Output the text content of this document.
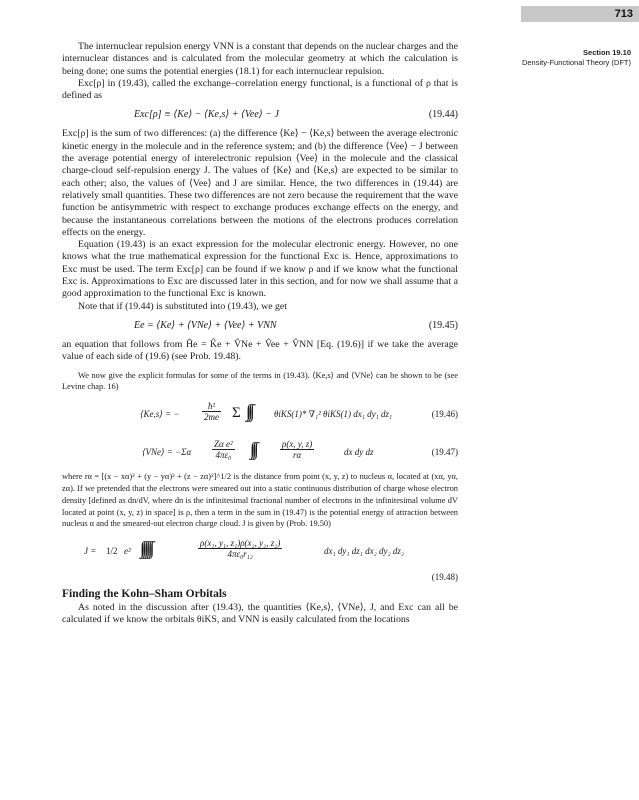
713
Section 19.10
Density-Functional Theory (DFT)

The internuclear repulsion energy VNN is a constant that depends on the nuclear charges and the internuclear distances and is calculated from the molecular geometry at which the calculation is being done; one sums the potential energies (18.1) for each internuclear repulsion.

Exc[ρ] in (19.43), called the exchange–correlation energy functional, is a functional of ρ that is defined as

Exc[ρ] ≡ ⟨Ke⟩ − ⟨Ke,s⟩ + ⟨Vee⟩ − J	(19.44)

Exc[ρ] is the sum of two differences: (a) the difference ⟨Ke⟩ − ⟨Ke,s⟩ between the average electronic kinetic energy in the molecule and in the reference system; and (b) the difference ⟨Vee⟩ − J between the average potential energy of interelectronic repulsion ⟨Vee⟩ in the molecule and the classical charge-cloud self-repulsion energy J. The values of ⟨Ke⟩ and ⟨Ke,s⟩ are expected to be similar to each other; also, the values of ⟨Vee⟩ and J are similar. Hence, the two differences in (19.44) are relatively small quantities. These two differences are not zero because the requirement that the wave function be antisymmetric with respect to exchange produces exchange effects on the energy, and because the instantaneous correlations between the motions of the electrons produces correlation effects on the energy.

Equation (19.43) is an exact expression for the molecular electronic energy. However, no one knows what the true mathematical expression for the functional Exc is. Hence, approximations to Exc must be used. The term Exc[ρ] can be found if we know ρ and if we know what the functional Exc is. Approximations to Exc are discussed later in this section, and for now we shall assume that a good approximation to the functional Exc is known.

Note that if (19.44) is substituted into (19.43), we get

Ee = ⟨Ke⟩ + ⟨VNe⟩ + ⟨Vee⟩ + VNN	(19.45)

an equation that follows from Ĥe = K̂e + V̂Ne + V̂ee + V̂NN [Eq. (19.6)] if we take the average value of each side of (19.6) (see Prob. 19.48).

We now give the explicit formulas for some of the terms in (19.43). ⟨Ke,s⟩ and ⟨VNe⟩ can be shown to be (see Levine chap. 16)

⟨Ke,s⟩ = −	$\frac{\text{ħ²}}{2me}$ Σ ∫∫∫ θiKS(1)* ∇₁² θiKS(1) dx₁ dy₁ dz₁	(19.46)
⟨VNe⟩ = $-\Sigma\alpha \frac{\text{Zα e²}}{\text{4πε₀}}$ ∫∫∫	$\frac{\rho(x, y, z)}{r\alpha}$	dx dy dz	(19.47)

where rα = [(x − xα)² + (y − yα)² + (z − zα)²]^1/2 is the distance from point (x, y, z) to nucleus α, located at (xα, yα, zα). If we pretended that the electrons were smeared out into a static continuous distribution of charge whose electron density [defined as dn/dV, where dn is the infinitesimal fractional number of electrons in the infinitesimal volume dV located at point (x, y, z) in space] is ρ, then a term in the sum in (19.47) is the potential energy of attraction between nucleus α and the smeared-out electron charge cloud. J is given by (Prob. 19.50)

J = 1/2 e² ∫∫∫∫∫∫	$\frac{\text{ρ(x₁, y₁, z₁)ρ(x₂, y₂, z₂)}}{\text{4πε₀r₁₂}}$	dx₁ dy₁ dz₁ dx₂ dy₂ dz₂
(19.48)
Finding the Kohn–Sham Orbitals

As noted in the discussion after (19.43), the quantities ⟨Ke,s⟩, ⟨VNe⟩, J, and Exc can all be calculated if we know the orbitals θiKS, and VNN is easily calculated from the locations
